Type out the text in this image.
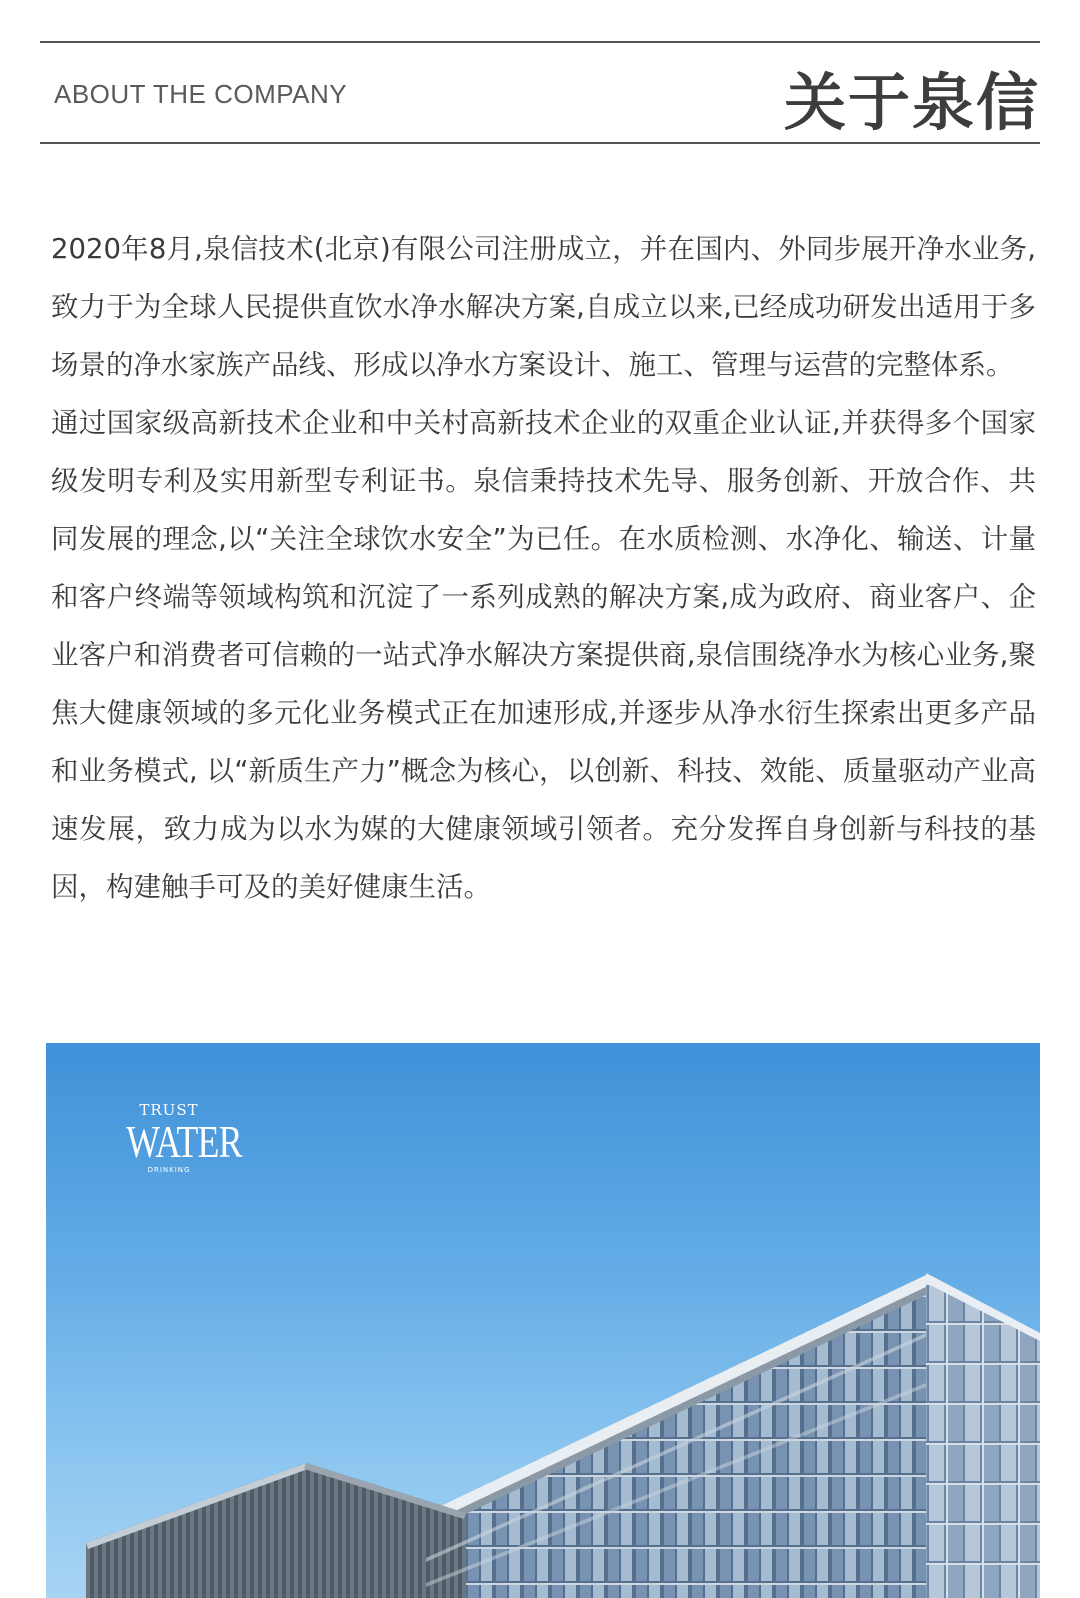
ABOUT THE COMPANY	关于泉信

2020年8月,泉信技术(北京)有限公司注册成立，并在国内、外同步展开净水业务,致力于为全球人民提供直饮水净水解决方案,自成立以来,已经成功研发出适用于多场景的净水家族产品线、形成以净水方案设计、施工、管理与运营的完整体系。

通过国家级高新技术企业和中关村高新技术企业的双重企业认证,并获得多个国家级发明专利及实用新型专利证书。泉信秉持技术先导、服务创新、开放合作、共同发展的理念,以“关注全球饮水安全”为已任。在水质检测、水净化、输送、计量和客户终端等领域构筑和沉淀了一系列成熟的解决方案,成为政府、商业客户、企业客户和消费者可信赖的一站式净水解决方案提供商,泉信围绕净水为核心业务,聚焦大健康领域的多元化业务模式正在加速形成,并逐步从净水衍生探索出更多产品和业务模式, 以“新质生产力”概念为核心，以创新、科技、效能、质量驱动产业高速发展，致力成为以水为媒的大健康领域引领者。充分发挥自身创新与科技的基因，构建触手可及的美好健康生活。

TRUST
WATER
DRINKING
